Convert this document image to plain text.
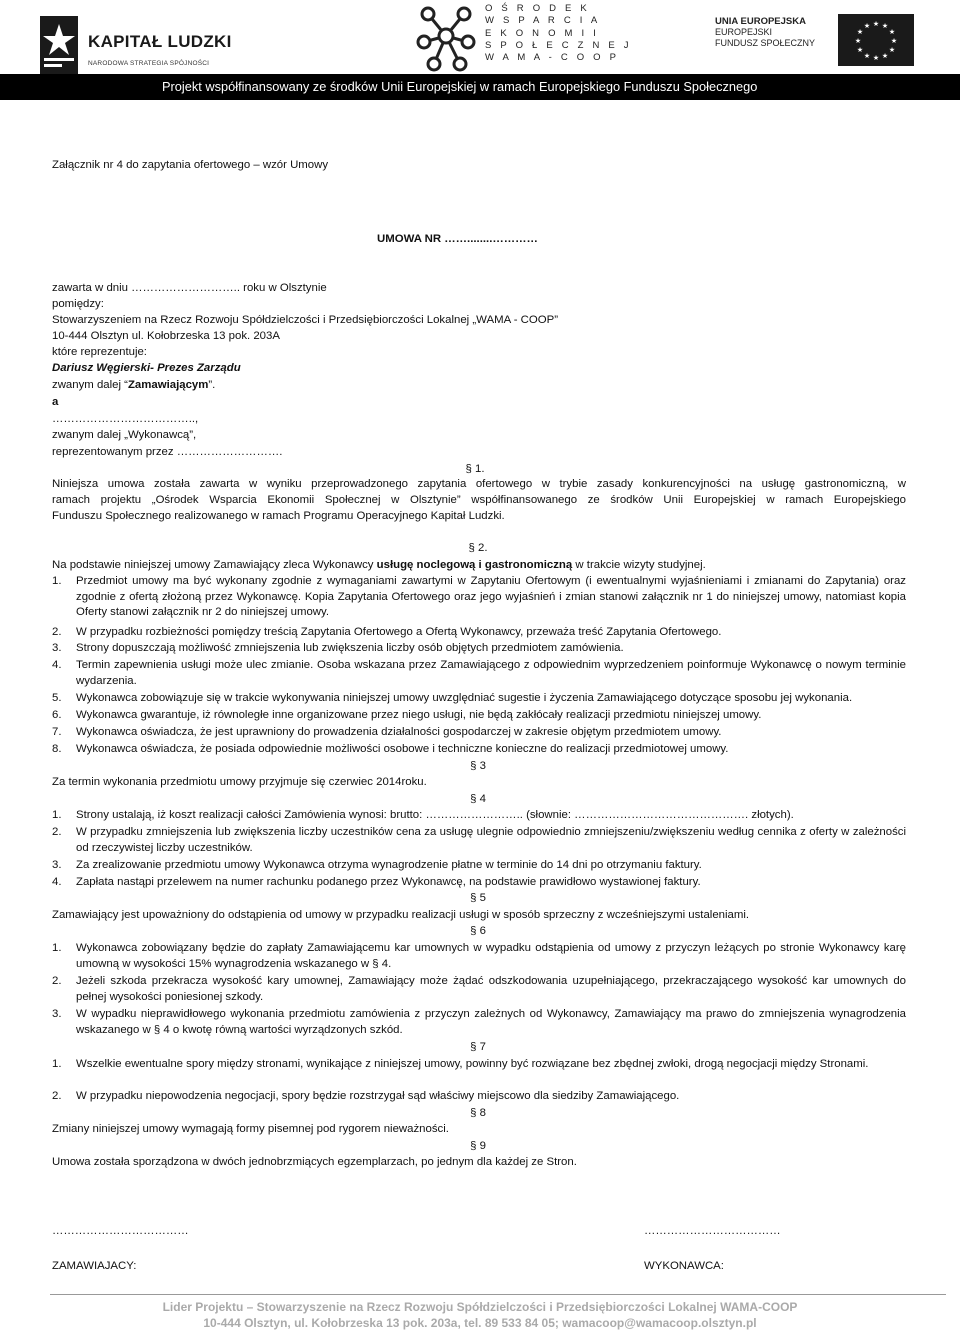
KAPITAŁ LUDZKI
NARODOWA STRATEGIA SPÓJNOŚCI
O Ś R O D E K
W S P A R C I A
E K O N O M I I
S P O Ł E C Z N E J
W A M A - C O O P
UNIA EUROPEJSKA
EUROPEJSKI
FUNDUSZ SPOŁECZNY
★ ★
★
★
★
★
★
★
★
★
★
★
Projekt współfinansowany ze środków Unii Europejskiej w ramach Europejskiego Funduszu Społecznego
Załącznik nr 4 do zapytania ofertowego – wzór Umowy
UMOWA NR ……........…………
zawarta w dniu ……………………….. roku w Olsztynie
pomiędzy:
Stowarzyszeniem na Rzecz Rozwoju Spółdzielczości i Przedsiębiorczości Lokalnej „WAMA - COOP”
10-444 Olsztyn ul. Kołobrzeska 13 pok. 203A
które reprezentuje:
Dariusz Węgierski- Prezes Zarządu
zwanym dalej “Zamawiającym”.
a
………………………………..,
zwanym dalej „Wykonawcą”,
reprezentowanym przez ……………………….
§ 1.
Niniejsza umowa została zawarta w wyniku przeprowadzonego zapytania ofertowego w trybie zasady konkurencyjności na usługę gastronomiczną, w
ramach projektu „Ośrodek Wsparcia Ekonomii Społecznej w Olsztynie” współfinansowanego ze środków Unii Europejskiej w ramach Europejskiego
Funduszu Społecznego realizowanego w ramach Programu Operacyjnego Kapitał Ludzki.
§ 2.
Na podstawie niniejszej umowy Zamawiający zleca Wykonawcy usługę noclegową i gastronomiczną w trakcie wizyty studyjnej.
1.	Przedmiot umowy ma być wykonany zgodnie z wymaganiami zawartymi w Zapytaniu Ofertowym (i ewentualnymi wyjaśnieniami i zmianami do Zapytania) oraz zgodnie z ofertą złożoną przez Wykonawcę. Kopia Zapytania Ofertowego oraz jego wyjaśnień i zmian stanowi załącznik nr 1 do niniejszej umowy, natomiast kopia Oferty stanowi załącznik nr 2 do niniejszej umowy.
2.	W przypadku rozbieżności pomiędzy treścią Zapytania Ofertowego a Ofertą Wykonawcy, przeważa treść Zapytania Ofertowego.
3.	Strony dopuszczają możliwość zmniejszenia lub zwiększenia liczby osób objętych przedmiotem zamówienia.
4.	Termin zapewnienia usługi może ulec zmianie. Osoba wskazana przez Zamawiającego z odpowiednim wyprzedzeniem poinformuje Wykonawcę o nowym terminie wydarzenia.
5.	Wykonawca zobowiązuje się w trakcie wykonywania niniejszej umowy uwzględniać sugestie i życzenia Zamawiającego dotyczące sposobu jej wykonania.
6.	Wykonawca gwarantuje, iż równoległe inne organizowane przez niego usługi, nie będą zakłócały realizacji przedmiotu niniejszej umowy.
7.	Wykonawca oświadcza, że jest uprawniony do prowadzenia działalności gospodarczej w zakresie objętym przedmiotem umowy.
8.	Wykonawca oświadcza, że posiada odpowiednie możliwości osobowe i techniczne konieczne do realizacji przedmiotowej umowy.
§ 3
Za termin wykonania przedmiotu umowy przyjmuje się czerwiec 2014roku.
§ 4
1.	Strony ustalają, iż koszt realizacji całości Zamówienia wynosi: brutto: …………………….. (słownie: ………………………………………. złotych).
2.	W przypadku zmniejszenia lub zwiększenia liczby uczestników cena za usługę ulegnie odpowiednio zmniejszeniu/zwiększeniu według cennika z oferty w zależności od rzeczywistej liczby uczestników.
3.	Za zrealizowanie przedmiotu umowy Wykonawca otrzyma wynagrodzenie płatne w terminie do 14 dni po otrzymaniu faktury.
4.	Zapłata nastąpi przelewem na numer rachunku podanego przez Wykonawcę, na podstawie prawidłowo wystawionej faktury.
§ 5
Zamawiający jest upoważniony do odstąpienia od umowy w przypadku realizacji usługi w sposób sprzeczny z wcześniejszymi ustaleniami.
§ 6
1.	Wykonawca zobowiązany będzie do zapłaty Zamawiającemu kar umownych w wypadku odstąpienia od umowy z przyczyn leżących po stronie Wykonawcy karę umowną w wysokości 15% wynagrodzenia wskazanego w § 4.
2.	Jeżeli szkoda przekracza wysokość kary umownej, Zamawiający może żądać odszkodowania uzupełniającego, przekraczającego wysokość kar umownych do pełnej wysokości poniesionej szkody.
3.	W wypadku nieprawidłowego wykonania przedmiotu zamówienia z przyczyn zależnych od Wykonawcy, Zamawiający ma prawo do zmniejszenia wynagrodzenia wskazanego w § 4 o kwotę równą wartości wyrządzonych szkód.
§ 7
1.	Wszelkie ewentualne spory między stronami, wynikające z niniejszej umowy, powinny być rozwiązane bez zbędnej zwłoki, drogą negocjacji między Stronami.
2.	W przypadku niepowodzenia negocjacji, spory będzie rozstrzygał sąd właściwy miejscowo dla siedziby Zamawiającego.
§ 8
Zmiany niniejszej umowy wymagają formy pisemnej pod rygorem nieważności.
§ 9
Umowa została sporządzona w dwóch jednobrzmiących egzemplarzach, po jednym dla każdej ze Stron.
………………………………	………………………………
ZAMAWIAJACY:	WYKONAWCA:
Lider Projektu – Stowarzyszenie na Rzecz Rozwoju Spółdzielczości i Przedsiębiorczości Lokalnej WAMA-COOP
10-444 Olsztyn, ul. Kołobrzeska 13 pok. 203a, tel. 89 533 84 05; wamacoop@wamacoop.olsztyn.pl
